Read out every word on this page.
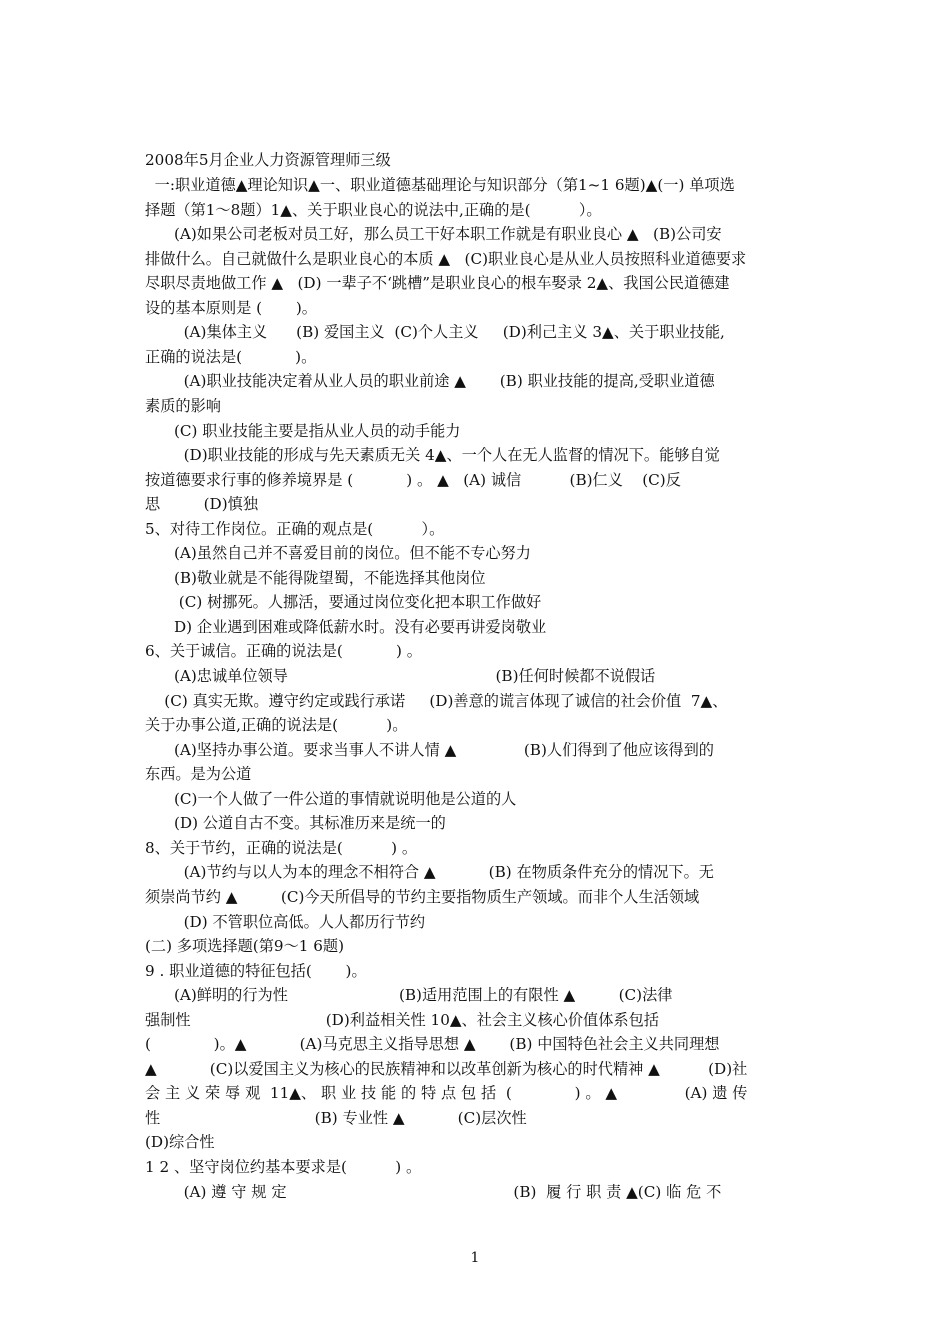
2008年5月企业人力资源管理师三级
一:职业道德▲理论知识▲一、职业道德基础理论与知识部分（第1~1 6题)▲(一) 单项选
择题（第1～8题）1▲、关于职业良心的说法中,正确的是(          ）。
(A)如果公司老板对员工好，那么员工干好本职工作就是有职业良心 ▲   (B)公司安
排做什么。自己就做什么是职业良心的本质 ▲   (C)职业良心是从业人员按照科业道德要求
尽职尽责地做工作 ▲   (D) 一辈子不‘跳槽”是职业良心的根车娶录 2▲、我国公民道德建
设的基本原则是 (       )。
(A)集体主义      (B) 爱国主义  (C)个人主义     (D)利己主义 3▲、关于职业技能,
正确的说法是(           )。
(A)职业技能决定着从业人员的职业前途 ▲       (B) 职业技能的提高,受职业道德
素质的影响
(C) 职业技能主要是指从业人员的动手能力
(D)职业技能的形成与先天素质无关 4▲、一个人在无人监督的情况下。能够自觉
按道德要求行事的修养境界是 (           ) 。 ▲   (A) 诚信          (B)仁义    (C)反
思         (D)慎独
5、对待工作岗位。正确的观点是(          ）。
(A)虽然自己并不喜爱目前的岗位。但不能不专心努力
(B)敬业就是不能得陇望蜀，不能选择其他岗位
(C) 树挪死。人挪活，要通过岗位变化把本职工作做好
D) 企业遇到困难或降低薪水时。没有必要再讲爱岗敬业
6、关于诚信。正确的说法是(           ) 。
(A)忠诚单位领导                                           (B)任何时候都不说假话
(C) 真实无欺。遵守约定或践行承诺     (D)善意的谎言体现了诚信的社会价值  7▲、
关于办事公道,正确的说法是(          )。
(A)坚持办事公道。要求当事人不讲人情 ▲              (B)人们得到了他应该得到的
东西。是为公道
(C)一个人做了一件公道的事情就说明他是公道的人
(D) 公道自古不变。其标准历来是统一的
8、关于节约，正确的说法是(          ) 。
(A)节约与以人为本的理念不相符合 ▲           (B) 在物质条件充分的情况下。无
须崇尚节约 ▲         (C)今天所倡导的节约主要指物质生产领域。而非个人生活领域
(D) 不管职位高低。人人都历行节约
(二) 多项选择题(第9～1 6题)
9 . 职业道德的特征包括(       )。
(A)鲜明的行为性                       (B)适用范围上的有限性 ▲         (C)法律
强制性                            (D)利益相关性 10▲、社会主义核心价值体系包括
(             )。▲           (A)马克思主义指导思想 ▲       (B) 中国特色社会主义共同理想
▲           (C)以爱国主义为核心的民族精神和以改革创新为核心的时代精神 ▲          (D)社
会 主 义 荣 辱 观  11▲、 职 业 技 能 的 特 点 包 括  (             ) 。 ▲              (A) 遗 传
性                                (B) 专业性 ▲           (C)层次性
(D)综合性
1 2 、坚守岗位约基本要求是(          ) 。
(A) 遵 守 规 定                                               (B)  履 行 职 责 ▲(C) 临 危 不
1
